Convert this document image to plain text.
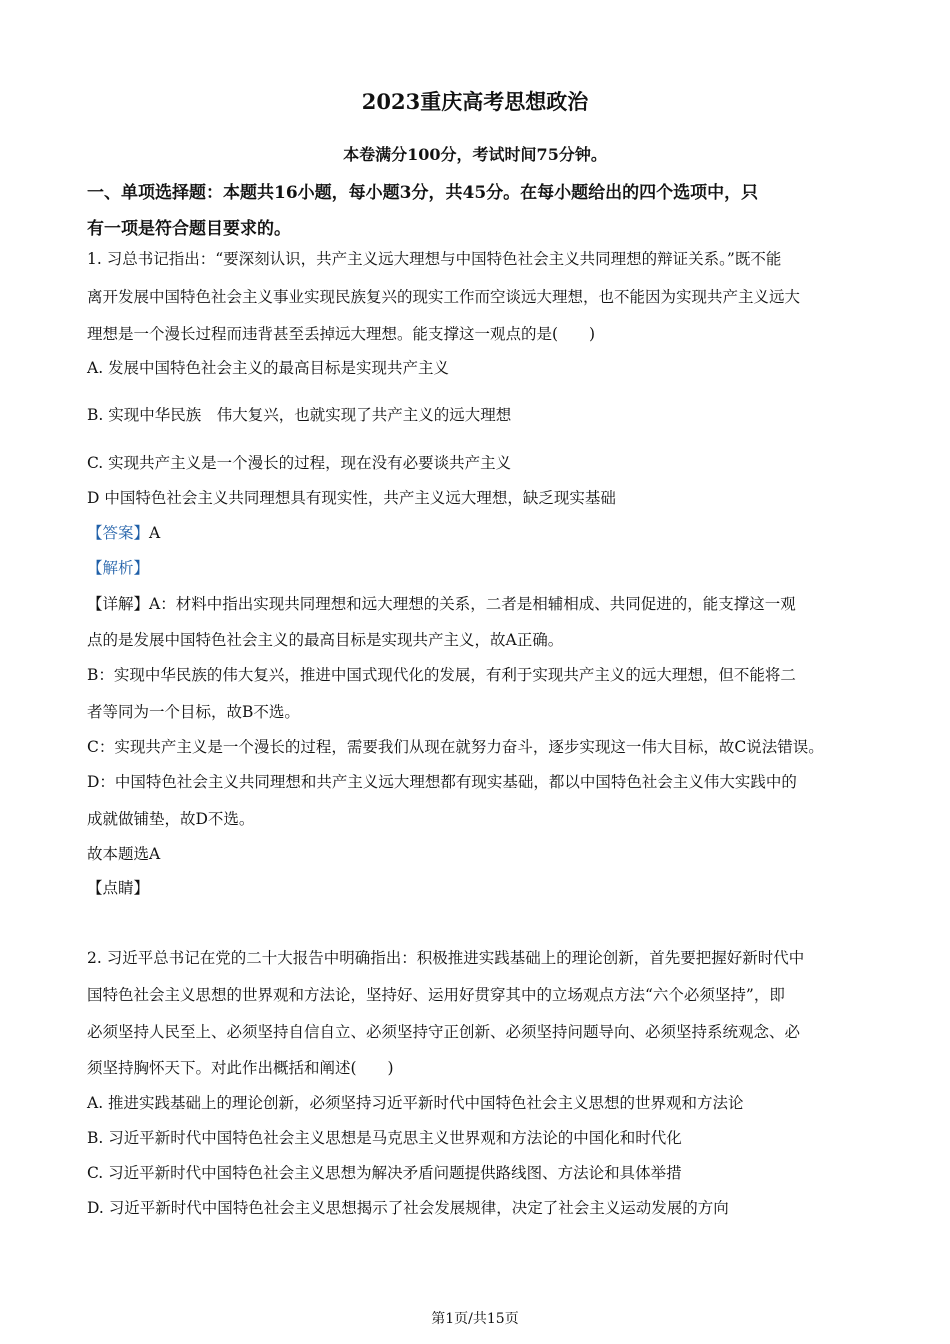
2023重庆高考思想政治
本卷满分100分，考试时间75分钟。
一、单项选择题：本题共16小题，每小题3分，共45分。在每小题给出的四个选项中，只
有一项是符合题目要求的。
1. 习总书记指出：“要深刻认识，共产主义远大理想与中国特色社会主义共同理想的辩证关系。”既不能
离开发展中国特色社会主义事业实现民族复兴的现实工作而空谈远大理想，也不能因为实现共产主义远大
理想是一个漫长过程而违背甚至丢掉远大理想。能支撑这一观点的是(　　)
A. 发展中国特色社会主义的最高目标是实现共产主义
B. 实现中华民族　伟大复兴，也就实现了共产主义的远大理想
C. 实现共产主义是一个漫长的过程，现在没有必要谈共产主义
D 中国特色社会主义共同理想具有现实性，共产主义远大理想，缺乏现实基础
【答案】A
【解析】
【详解】A：材料中指出实现共同理想和远大理想的关系，二者是相辅相成、共同促进的，能支撑这一观
点的是发展中国特色社会主义的最高目标是实现共产主义，故A正确。
B：实现中华民族的伟大复兴，推进中国式现代化的发展，有利于实现共产主义的远大理想，但不能将二
者等同为一个目标，故B不选。
C：实现共产主义是一个漫长的过程，需要我们从现在就努力奋斗，逐步实现这一伟大目标，故C说法错误。
D：中国特色社会主义共同理想和共产主义远大理想都有现实基础，都以中国特色社会主义伟大实践中的
成就做铺垫，故D不选。
故本题选A
【点睛】
2. 习近平总书记在党的二十大报告中明确指出：积极推进实践基础上的理论创新，首先要把握好新时代中
国特色社会主义思想的世界观和方法论，坚持好、运用好贯穿其中的立场观点方法“六个必须坚持”，即
必须坚持人民至上、必须坚持自信自立、必须坚持守正创新、必须坚持问题导向、必须坚持系统观念、必
须坚持胸怀天下。对此作出概括和阐述(　　)
A. 推进实践基础上的理论创新，必须坚持习近平新时代中国特色社会主义思想的世界观和方法论
B. 习近平新时代中国特色社会主义思想是马克思主义世界观和方法论的中国化和时代化
C. 习近平新时代中国特色社会主义思想为解决矛盾问题提供路线图、方法论和具体举措
D. 习近平新时代中国特色社会主义思想揭示了社会发展规律，决定了社会主义运动发展的方向
第1页/共15页
